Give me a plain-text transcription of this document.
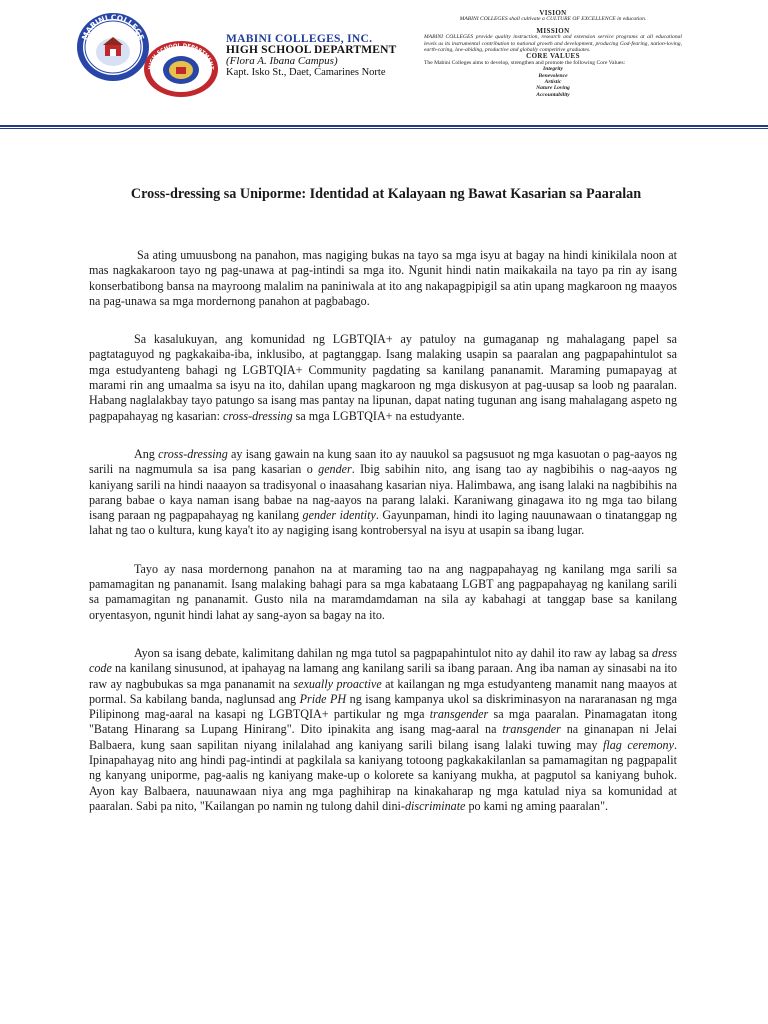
MABINI COLLEGE
HIGH SCHOOL DEPARTMENT
MABINI COLLEGES, INC.
HIGH SCHOOL DEPARTMENT
(Flora A. Ibana Campus)
Kapt. Isko St., Daet, Camarines Norte
VISION
MABINI COLLEGES shall cultivate a CULTURE OF EXCELLENCE in education.
MISSION
MABINI COLLEGES provide quality instruction, research and extension service programs at all educational levels as its instrumental contribution to national growth and development, producing God-fearing, nation-loving, earth-caring, law-abiding, productive and globally competitive graduates.
CORE VALUES
The Mabini Colleges aims to develop, strengthen and promote the following Core Values:
Integrity
Benevolence
Artistic
Nature Loving
Accountability
Cross-dressing sa Uniporme: Identidad at Kalayaan ng Bawat Kasarian sa Paaralan

Sa ating umuusbong na panahon, mas nagiging bukas na tayo sa mga isyu at bagay na hindi kinikilala noon at mas nagkakaroon tayo ng pag-unawa at pag-intindi sa mga ito. Ngunit hindi natin maikakaila na tayo pa rin ay isang konserbatibong bansa na mayroong malalim na paniniwala at ito ang nakapagpipigil sa atin upang magkaroon ng maayos na pag-unawa sa mga mordernong panahon at pagbabago.

Sa kasalukuyan, ang komunidad ng LGBTQIA+ ay patuloy na gumaganap ng mahalagang papel sa pagtataguyod ng pagkakaiba-iba, inklusibo, at pagtanggap. Isang malaking usapin sa paaralan ang pagpapahintulot sa mga estudyanteng bahagi ng LGBTQIA+ Community pagdating sa kanilang pananamit. Maraming pumapayag at marami rin ang umaalma sa isyu na ito, dahilan upang magkaroon ng mga diskusyon at pag-uusap sa loob ng paaralan. Habang naglalakbay tayo patungo sa isang mas pantay na lipunan, dapat nating tugunan ang isang mahalagang aspeto ng pagpapahayag ng kasarian: cross-dressing sa mga LGBTQIA+ na estudyante.

Ang cross-dressing ay isang gawain na kung saan ito ay nauukol sa pagsusuot ng mga kasuotan o pag-aayos ng sarili na nagmumula sa isa pang kasarian o gender. Ibig sabihin nito, ang isang tao ay nagbibihis o nag-aayos ng kaniyang sarili na hindi naaayon sa tradisyonal o inaasahang kasarian niya. Halimbawa, ang isang lalaki na nagbibihis na parang babae o kaya naman isang babae na nag-aayos na parang lalaki. Karaniwang ginagawa ito ng mga tao bilang isang paraan ng pagpapahayag ng kanilang gender identity. Gayunpaman, hindi ito laging nauunawaan o tinatanggap ng lahat ng tao o kultura, kung kaya't ito ay nagiging isang kontrobersyal na isyu at usapin sa ibang lugar.

Tayo ay nasa mordernong panahon na at maraming tao na ang nagpapahayag ng kanilang mga sarili sa pamamagitan ng pananamit. Isang malaking bahagi para sa mga kabataang LGBT ang pagpapahayag ng kanilang sarili sa pamamagitan ng pananamit. Gusto nila na maramdamdaman na sila ay kabahagi at tanggap base sa kanilang oryentasyon, ngunit hindi lahat ay sang-ayon sa bagay na ito.

Ayon sa isang debate, kalimitang dahilan ng mga tutol sa pagpapahintulot nito ay dahil ito raw ay labag sa dress code na kanilang sinusunod, at ipahayag na lamang ang kanilang sarili sa ibang paraan. Ang iba naman ay sinasabi na ito raw ay nagbubukas sa mga pananamit na sexually proactive at kailangan ng mga estudyanteng manamit nang maayos at pormal. Sa kabilang banda, naglunsad ang Pride PH ng isang kampanya ukol sa diskriminasyon na nararanasan ng mga Pilipinong mag-aaral na kasapi ng LGBTQIA+ partikular ng mga transgender sa mga paaralan. Pinamagatan itong "Batang Hinarang sa Lupang Hinirang". Dito ipinakita ang isang mag-aaral na transgender na ginanapan ni Jelai Balbaera, kung saan sapilitan niyang inilalahad ang kaniyang sarili bilang isang lalaki tuwing may flag ceremony. Ipinapahayag nito ang hindi pag-intindi at pagkilala sa kaniyang totoong pagkakakilanlan sa pamamagitan ng pagpapalit ng kanyang uniporme, pag-aalis ng kaniyang make-up o kolorete sa kaniyang mukha, at pagputol sa kaniyang buhok. Ayon kay Balbaera, nauunawaan niya ang mga paghihirap na kinakaharap ng mga katulad niya sa komunidad at paaralan. Sabi pa nito, "Kailangan po namin ng tulong dahil dini-discriminate po kami ng aming paaralan".
